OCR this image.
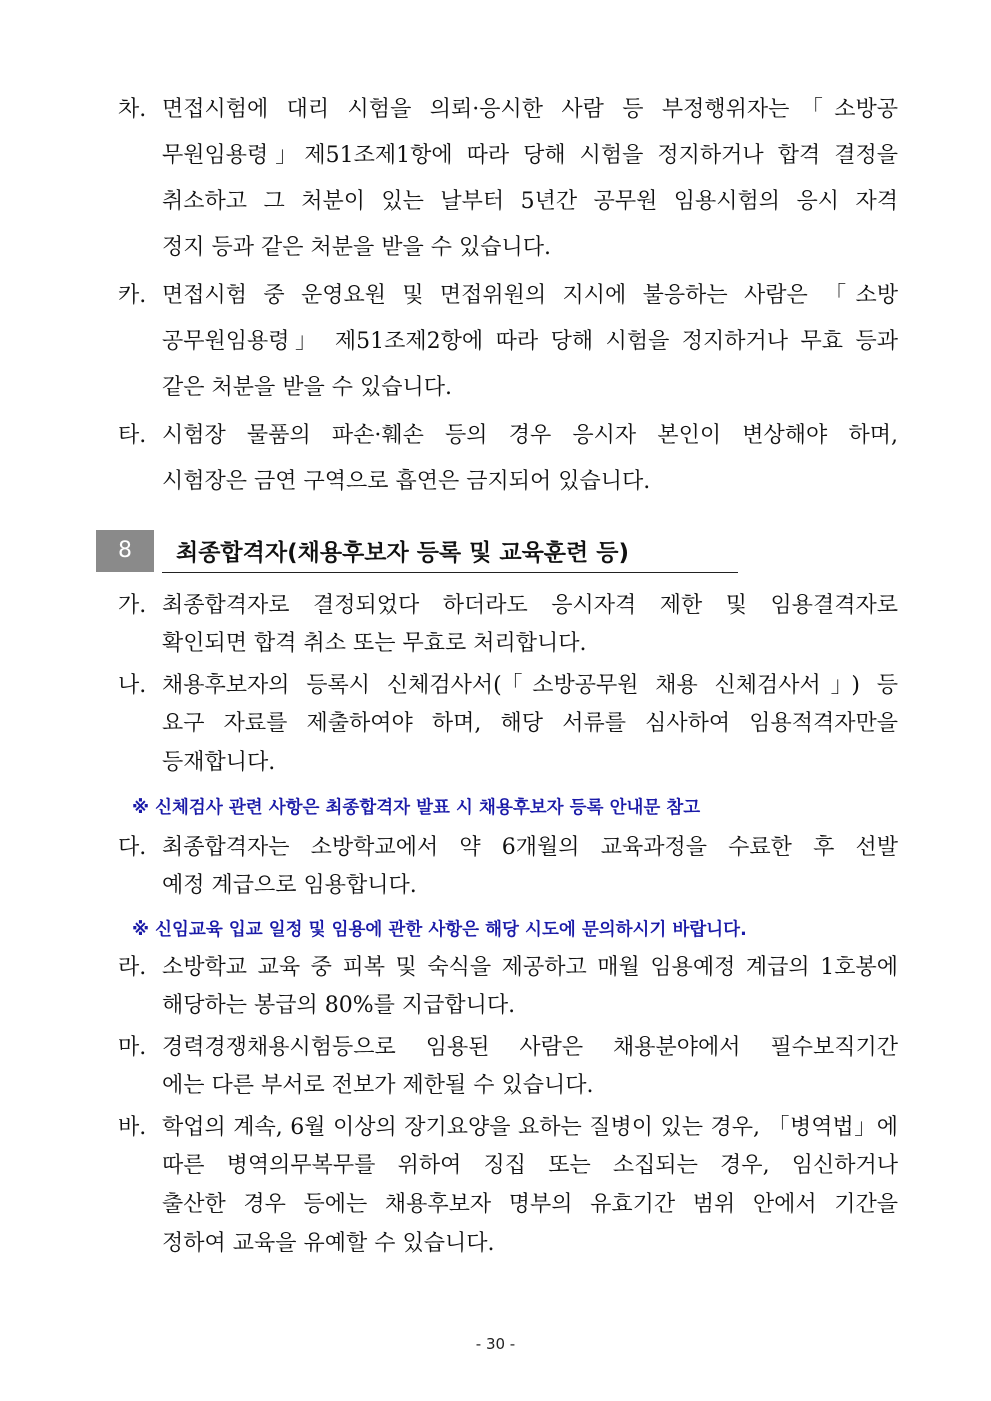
차. 면접시험에 대리 시험을 의뢰·응시한 사람 등 부정행위자는「소방공
무원임용령」제51조제1항에 따라 당해 시험을 정지하거나 합격 결정을
취소하고 그 처분이 있는 날부터 5년간 공무원 임용시험의 응시 자격
정지 등과 같은 처분을 받을 수 있습니다.
카. 면접시험 중 운영요원 및 면접위원의 지시에 불응하는 사람은 「소방
공무원임용령」 제51조제2항에 따라 당해 시험을 정지하거나 무효 등과
같은 처분을 받을 수 있습니다.
타. 시험장 물품의 파손·훼손 등의 경우 응시자 본인이 변상해야 하며,
시험장은 금연 구역으로 흡연은 금지되어 있습니다.
8	최종합격자(채용후보자 등록 및 교육훈련 등)
가. 최종합격자로 결정되었다 하더라도 응시자격 제한 및 임용결격자로
확인되면 합격 취소 또는 무효로 처리합니다.
나. 채용후보자의 등록시 신체검사서(「소방공무원 채용 신체검사서」) 등
요구 자료를 제출하여야 하며, 해당 서류를 심사하여 임용적격자만을
등재합니다.
※ 신체검사 관련 사항은 최종합격자 발표 시 채용후보자 등록 안내문 참고
다. 최종합격자는 소방학교에서 약 6개월의 교육과정을 수료한 후 선발
예정 계급으로 임용합니다.
※ 신임교육 입교 일정 및 임용에 관한 사항은 해당 시도에 문의하시기 바랍니다.
라. 소방학교 교육 중 피복 및 숙식을 제공하고 매월 임용예정 계급의 1호봉에
해당하는 봉급의 80%를 지급합니다.
마. 경력경쟁채용시험등으로 임용된 사람은 채용분야에서 필수보직기간
에는 다른 부서로 전보가 제한될 수 있습니다.
바. 학업의 계속, 6월 이상의 장기요양을 요하는 질병이 있는 경우, 「병역법」에
따른 병역의무복무를 위하여 징집 또는 소집되는 경우, 임신하거나
출산한 경우 등에는 채용후보자 명부의 유효기간 범위 안에서 기간을
정하여 교육을 유예할 수 있습니다.
- 30 -
